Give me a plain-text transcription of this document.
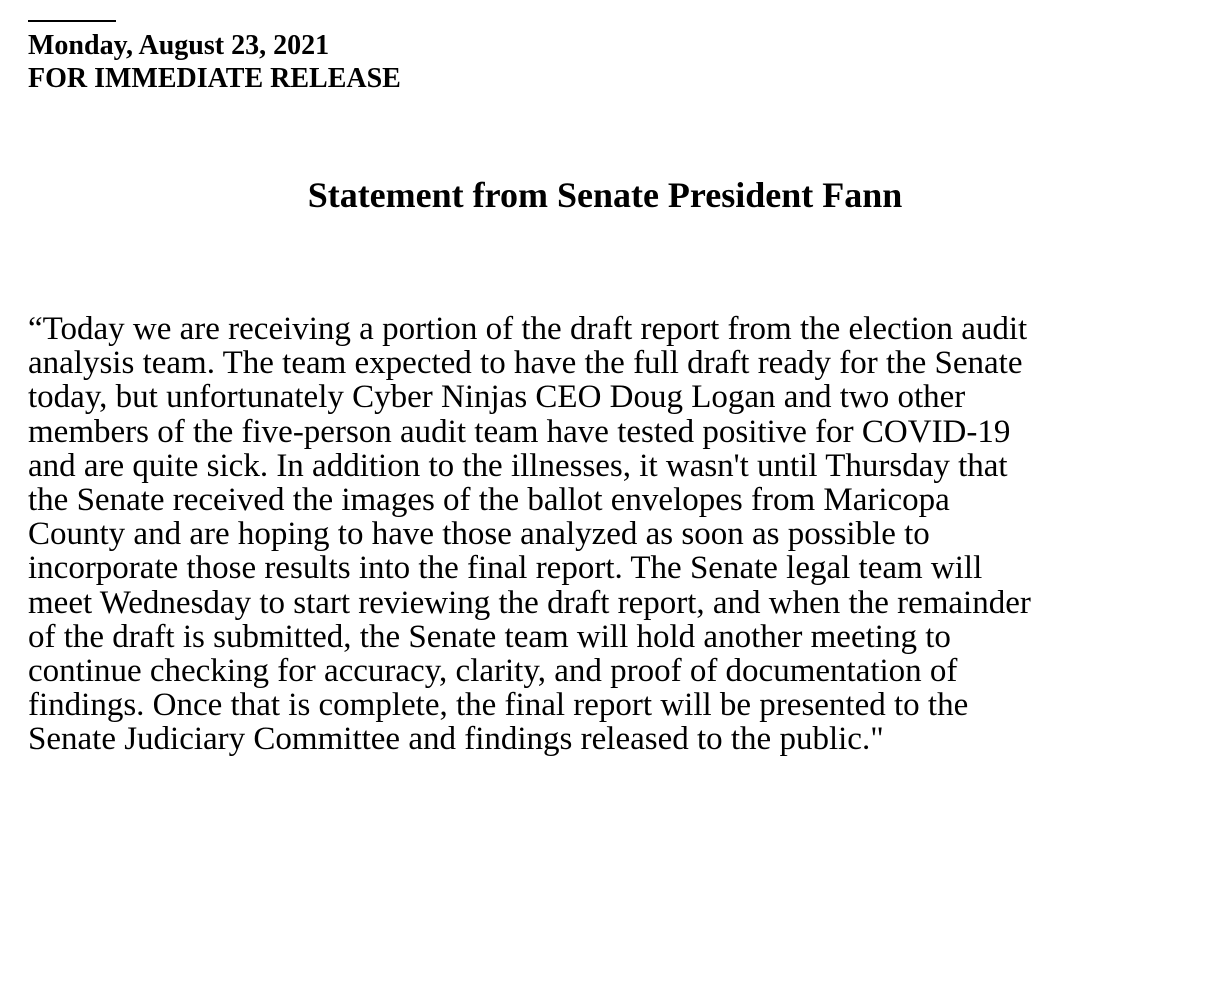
Monday, August 23, 2021
FOR IMMEDIATE RELEASE
Statement from Senate President Fann
“Today we are receiving a portion of the draft report from the election audit
analysis team. The team expected to have the full draft ready for the Senate
today, but unfortunately Cyber Ninjas CEO Doug Logan and two other
members of the five-person audit team have tested positive for COVID-19
and are quite sick. In addition to the illnesses, it wasn't until Thursday that
the Senate received the images of the ballot envelopes from Maricopa
County and are hoping to have those analyzed as soon as possible to
incorporate those results into the final report. The Senate legal team will
meet Wednesday to start reviewing the draft report, and when the remainder
of the draft is submitted, the Senate team will hold another meeting to
continue checking for accuracy, clarity, and proof of documentation of
findings. Once that is complete, the final report will be presented to the
Senate Judiciary Committee and findings released to the public."
